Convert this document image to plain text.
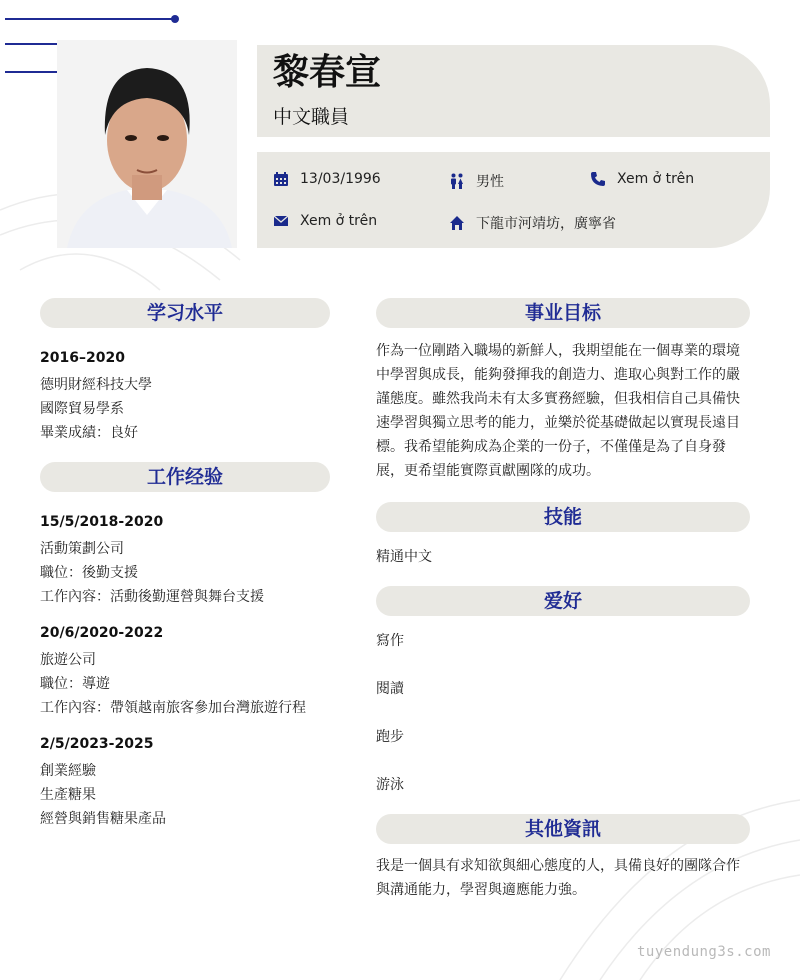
黎春宣
中文職員
13/03/1996	男性	Xem ở trên
Xem ở trên	下龍市河靖坊，廣寧省
学习水平
2016–2020
德明財經科技大學
國際貿易學系
畢業成績：良好
工作经验
15/5/2018-2020
活動策劃公司
職位：後勤支援
工作內容：活動後勤運營與舞台支援
20/6/2020-2022
旅遊公司
職位：導遊
工作內容：帶領越南旅客參加台灣旅遊行程
2/5/2023-2025
創業經驗
生產糖果
經營與銷售糖果產品
事业目标
作為一位剛踏入職場的新鮮人，我期望能在一個專業的環境
中學習與成長，能夠發揮我的創造力、進取心與對工作的嚴
謹態度。雖然我尚未有太多實務經驗，但我相信自己具備快
速學習與獨立思考的能力，並樂於從基礎做起以實現長遠目
標。我希望能夠成為企業的一份子，不僅僅是為了自身發
展，更希望能實際貢獻團隊的成功。
技能
精通中文
爱好
寫作
閱讀
跑步
游泳
其他資訊
我是一個具有求知欲與細心態度的人，具備良好的團隊合作
與溝通能力，學習與適應能力強。
tuyendung3s.com
